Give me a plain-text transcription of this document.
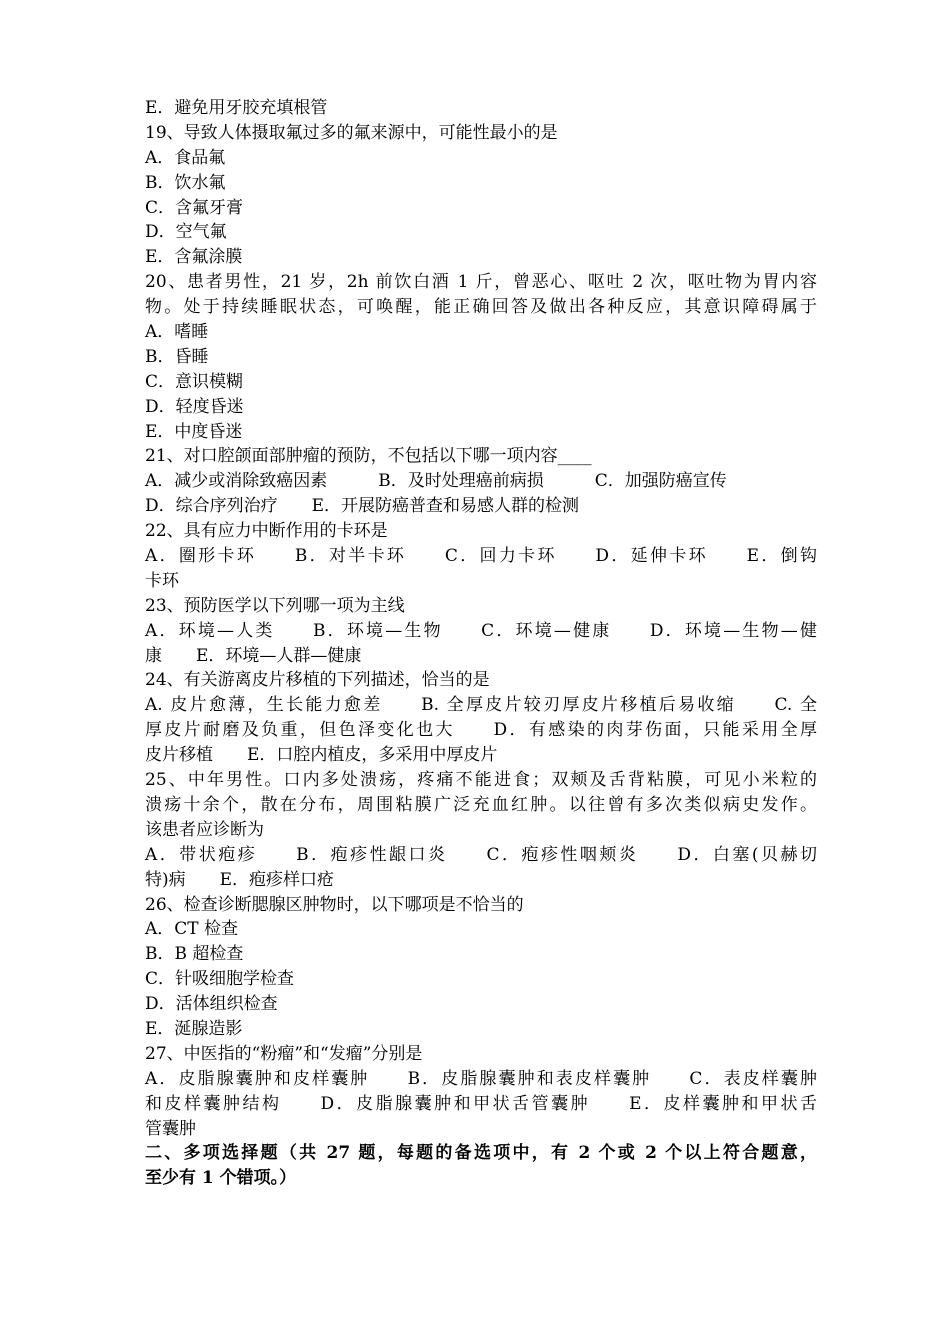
E．避免用牙胶充填根管
19、导致人体摄取氟过多的氟来源中，可能性最小的是
A．食品氟
B．饮水氟
C．含氟牙膏
D．空气氟
E．含氟涂膜
20、患者男性，21 岁，2h 前饮白酒 1 斤，曾恶心、呕吐 2 次，呕吐物为胃内容
物。处于持续睡眠状态，可唤醒，能正确回答及做出各种反应，其意识障碍属于
A．嗜睡
B．昏睡
C．意识模糊
D．轻度昏迷
E．中度昏迷
21、对口腔颌面部肿瘤的预防，不包括以下哪一项内容____
A．减少或消除致癌因素　　　B．及时处理癌前病损　　　C．加强防癌宣传
D．综合序列治疗　　E．开展防癌普查和易感人群的检测
22、具有应力中断作用的卡环是
A．圈形卡环　　B．对半卡环　　C．回力卡环　　D．延伸卡环　　E．倒钩
卡环
23、预防医学以下列哪一项为主线
A．环境—人类　　B．环境—生物　　C．环境—健康　　D．环境—生物—健
康　　E．环境—人群—健康
24、有关游离皮片移植的下列描述，恰当的是
A. 皮片愈薄，生长能力愈差　　B. 全厚皮片较刃厚皮片移植后易收缩　　C. 全
厚皮片耐磨及负重，但色泽变化也大　　D．有感染的肉芽伤面，只能采用全厚
皮片移植　　E．口腔内植皮，多采用中厚皮片
25、中年男性。口内多处溃疡，疼痛不能进食；双颊及舌背粘膜，可见小米粒的
溃疡十余个，散在分布，周围粘膜广泛充血红肿。以往曾有多次类似病史发作。
该患者应诊断为
A．带状疱疹　　B．疱疹性龈口炎　　C．疱疹性咽颊炎　　D．白塞(贝赫切
特)病　　E．疱疹样口疮
26、检查诊断腮腺区肿物时，以下哪项是不恰当的
A．CT 检查
B．B 超检查
C．针吸细胞学检查
D．活体组织检查
E．涎腺造影
27、中医指的“粉瘤”和“发瘤”分别是
A．皮脂腺囊肿和皮样囊肿　　B．皮脂腺囊肿和表皮样囊肿　　C．表皮样囊肿
和皮样囊肿结构　　D．皮脂腺囊肿和甲状舌管囊肿　　E．皮样囊肿和甲状舌
管囊肿
二、多项选择题（共 27 题，每题的备选项中，有 2 个或 2 个以上符合题意，
至少有 1 个错项。）
